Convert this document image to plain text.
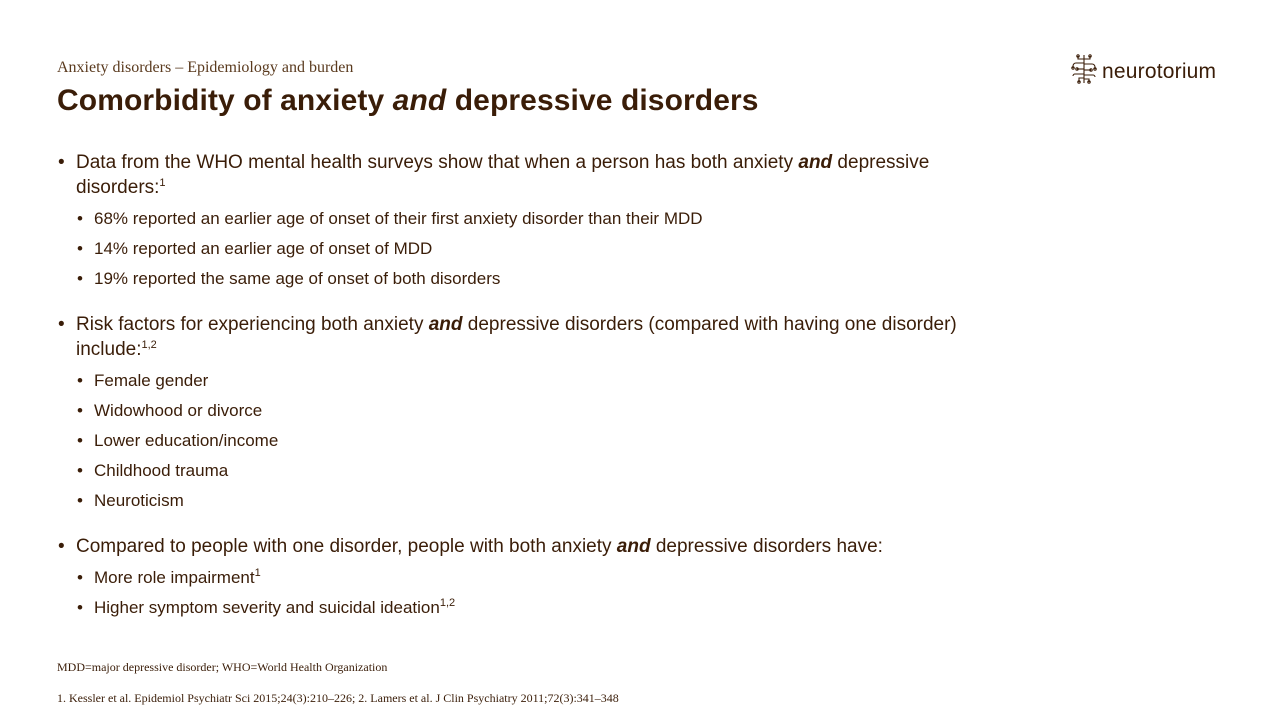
Anxiety disorders – Epidemiology and burden

Comorbidity of anxiety and depressive disorders
neurotorium
• Data from the WHO mental health surveys show that when a person has both anxiety and depressive disorders:$^1$
• 68% reported an earlier age of onset of their first anxiety disorder than their MDD
• 14% reported an earlier age of onset of MDD
• 19% reported the same age of onset of both disorders
• Risk factors for experiencing both anxiety and depressive disorders (compared with having one disorder) include:$^{1,2}$
• Female gender
• Widowhood or divorce
• Lower education/income
• Childhood trauma
• Neuroticism
• Compared to people with one disorder, people with both anxiety and depressive disorders have:
• More role impairment$^1$
• Higher symptom severity and suicidal ideation$^{1,2}$
MDD=major depressive disorder; WHO=World Health Organization
1. Kessler et al. Epidemiol Psychiatr Sci 2015;24(3):210–226; 2. Lamers et al. J Clin Psychiatry 2011;72(3):341–348
